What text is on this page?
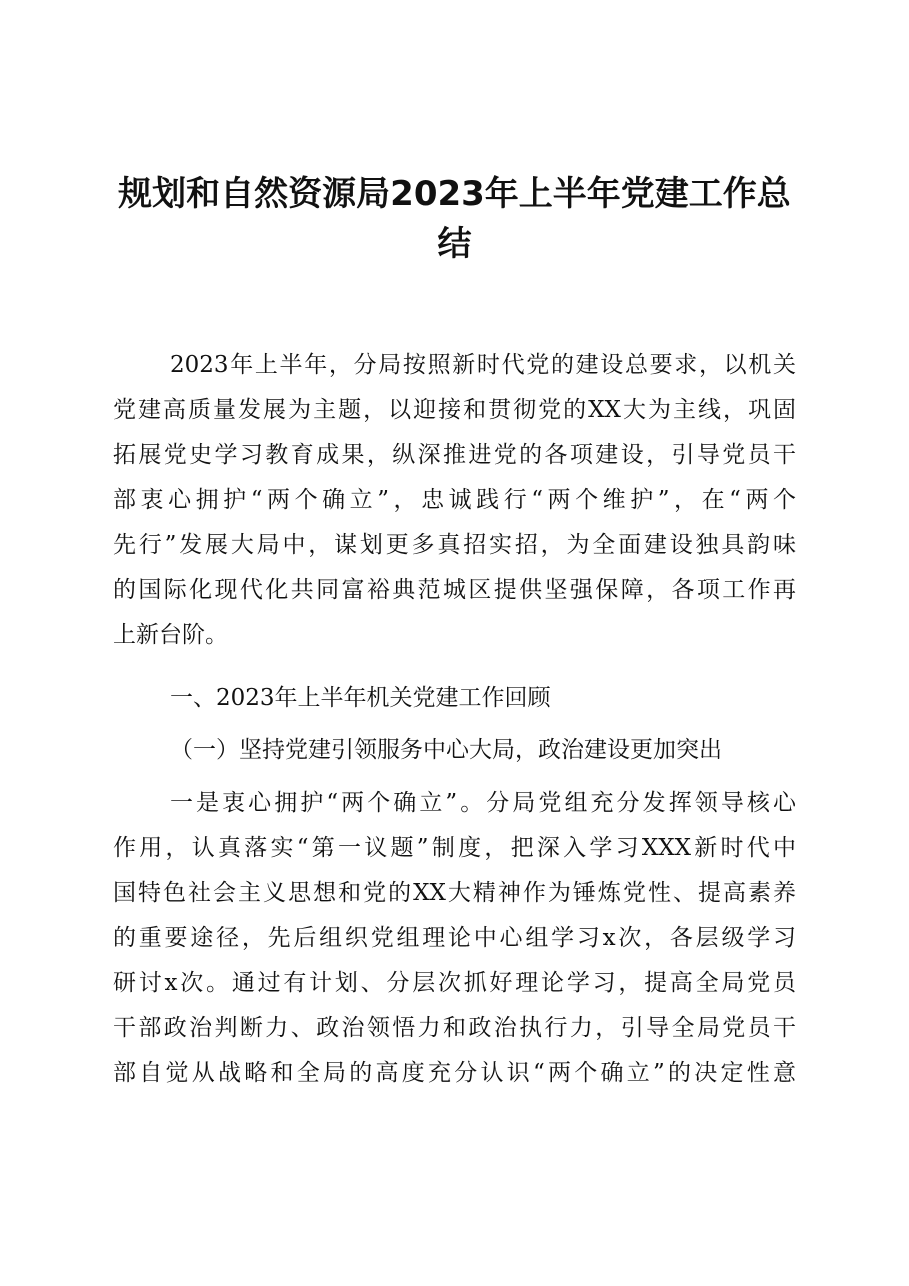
规划和自然资源局2023年上半年党建工作总
结
2023年上半年，分局按照新时代党的建设总要求，以机关
党建高质量发展为主题，以迎接和贯彻党的XX大为主线，巩固
拓展党史学习教育成果，纵深推进党的各项建设，引导党员干
部衷心拥护“两个确立”，忠诚践行“两个维护”，在“两个
先行”发展大局中，谋划更多真招实招，为全面建设独具韵味
的国际化现代化共同富裕典范城区提供坚强保障，各项工作再
上新台阶。
一、2023年上半年机关党建工作回顾
（一）坚持党建引领服务中心大局，政治建设更加突出
一是衷心拥护“两个确立”。分局党组充分发挥领导核心
作用，认真落实“第一议题”制度，把深入学习XXX新时代中
国特色社会主义思想和党的XX大精神作为锤炼党性、提高素养
的重要途径，先后组织党组理论中心组学习x次，各层级学习
研讨x次。通过有计划、分层次抓好理论学习，提高全局党员
干部政治判断力、政治领悟力和政治执行力，引导全局党员干
部自觉从战略和全局的高度充分认识“两个确立”的决定性意
